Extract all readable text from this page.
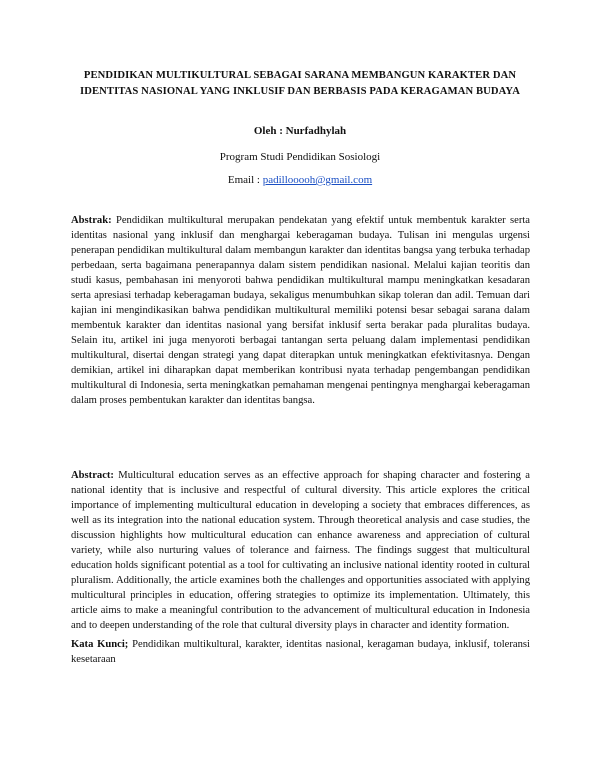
PENDIDIKAN MULTIKULTURAL SEBAGAI SARANA MEMBANGUN KARAKTER DAN IDENTITAS NASIONAL YANG INKLUSIF DAN BERBASIS PADA KERAGAMAN BUDAYA

Oleh : Nurfadhylah

Program Studi Pendidikan Sosiologi

Email : padillooooh@gmail.com

Abstrak: Pendidikan multikultural merupakan pendekatan yang efektif untuk membentuk karakter serta identitas nasional yang inklusif dan menghargai keberagaman budaya. Tulisan ini mengulas urgensi penerapan pendidikan multikultural dalam membangun karakter dan identitas bangsa yang terbuka terhadap perbedaan, serta bagaimana penerapannya dalam sistem pendidikan nasional. Melalui kajian teoritis dan studi kasus, pembahasan ini menyoroti bahwa pendidikan multikultural mampu meningkatkan kesadaran serta apresiasi terhadap keberagaman budaya, sekaligus menumbuhkan sikap toleran dan adil. Temuan dari kajian ini mengindikasikan bahwa pendidikan multikultural memiliki potensi besar sebagai sarana dalam membentuk karakter dan identitas nasional yang bersifat inklusif serta berakar pada pluralitas budaya. Selain itu, artikel ini juga menyoroti berbagai tantangan serta peluang dalam implementasi pendidikan multikultural, disertai dengan strategi yang dapat diterapkan untuk meningkatkan efektivitasnya. Dengan demikian, artikel ini diharapkan dapat memberikan kontribusi nyata terhadap pengembangan pendidikan multikultural di Indonesia, serta meningkatkan pemahaman mengenai pentingnya menghargai keberagaman dalam proses pembentukan karakter dan identitas bangsa.

Abstract: Multicultural education serves as an effective approach for shaping character and fostering a national identity that is inclusive and respectful of cultural diversity. This article explores the critical importance of implementing multicultural education in developing a society that embraces differences, as well as its integration into the national education system. Through theoretical analysis and case studies, the discussion highlights how multicultural education can enhance awareness and appreciation of cultural variety, while also nurturing values of tolerance and fairness. The findings suggest that multicultural education holds significant potential as a tool for cultivating an inclusive national identity rooted in cultural pluralism. Additionally, the article examines both the challenges and opportunities associated with applying multicultural principles in education, offering strategies to optimize its implementation. Ultimately, this article aims to make a meaningful contribution to the advancement of multicultural education in Indonesia and to deepen understanding of the role that cultural diversity plays in character and identity formation.

Kata Kunci; Pendidikan multikultural, karakter, identitas nasional, keragaman budaya, inklusif, toleransi kesetaraan
